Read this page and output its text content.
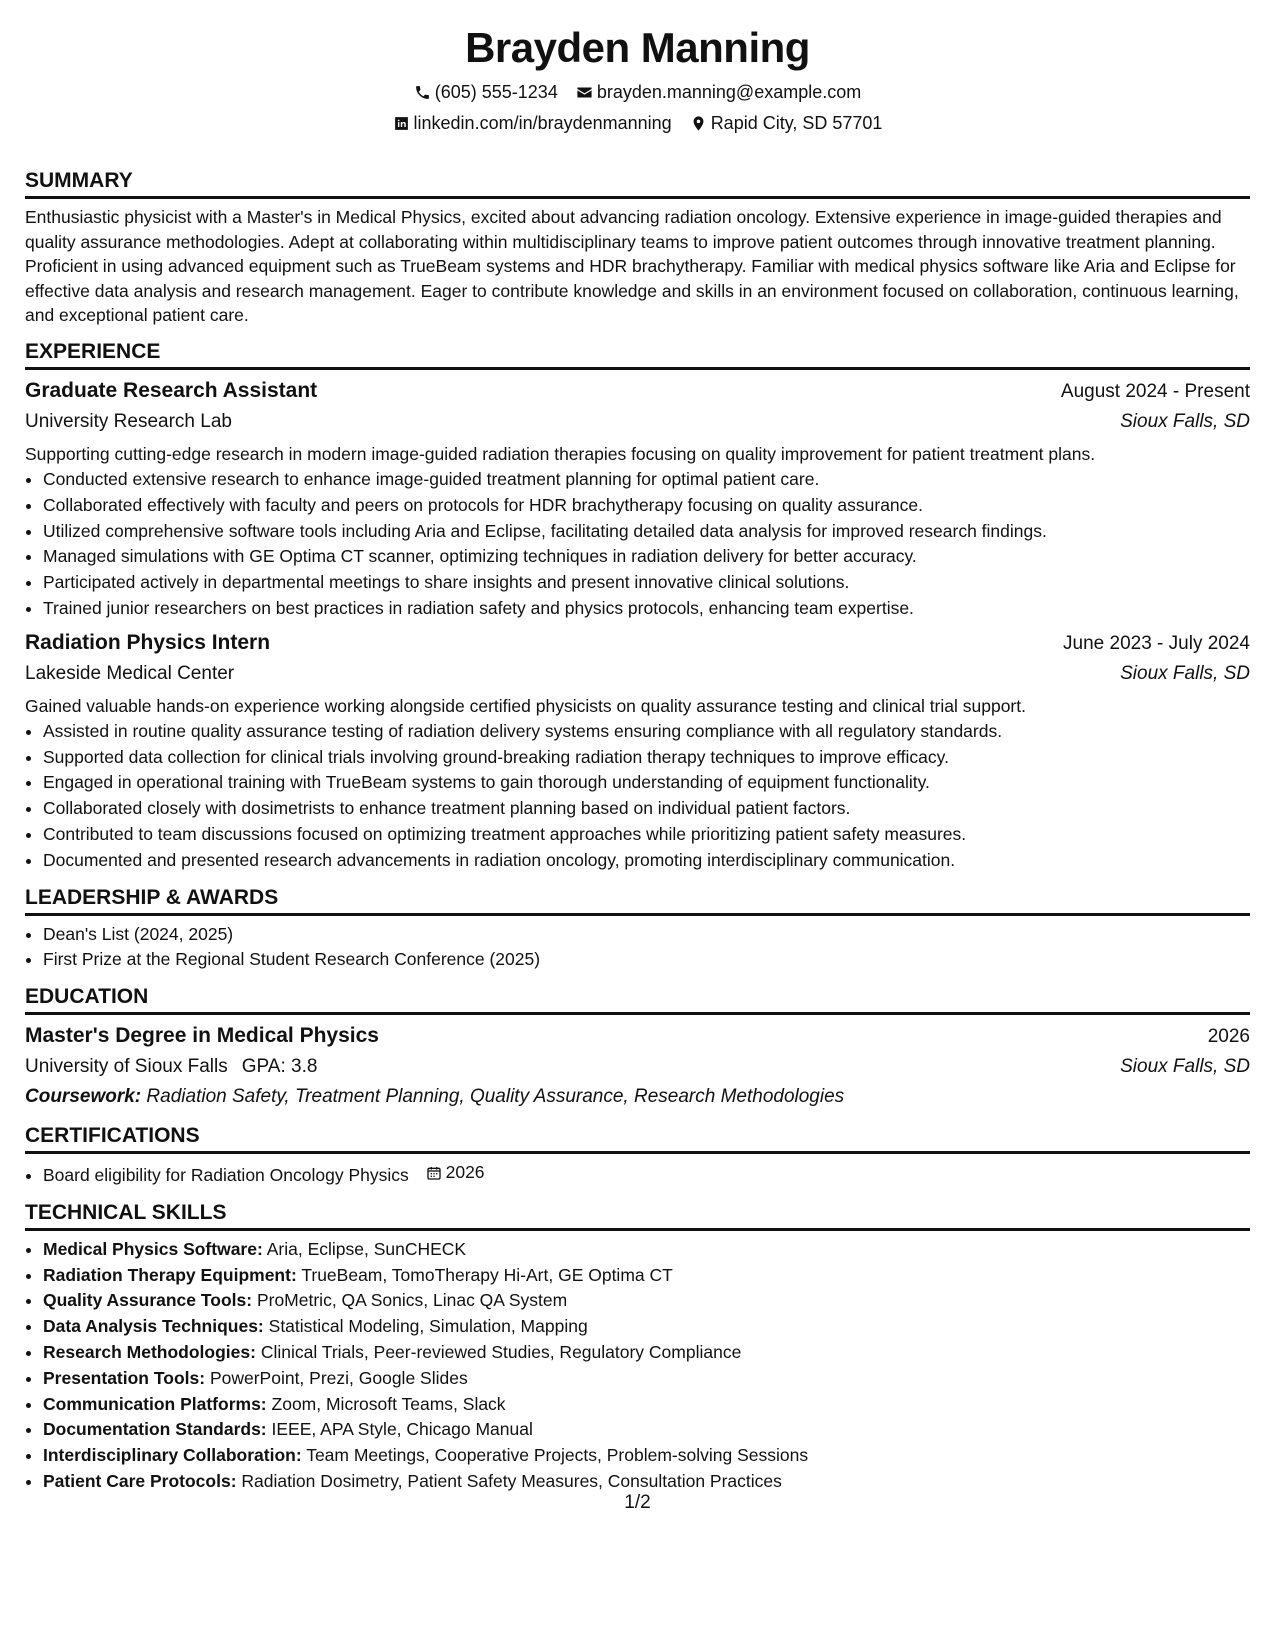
Brayden Manning
(605) 555-1234 brayden.manning@example.com
linkedin.com/in/braydenmanning Rapid City, SD 57701
SUMMARY

Enthusiastic physicist with a Master's in Medical Physics, excited about advancing radiation oncology. Extensive experience in image-guided therapies and quality assurance methodologies. Adept at collaborating within multidisciplinary teams to improve patient outcomes through innovative treatment planning. Proficient in using advanced equipment such as TrueBeam systems and HDR brachytherapy. Familiar with medical physics software like Aria and Eclipse for effective data analysis and research management. Eager to contribute knowledge and skills in an environment focused on collaboration, continuous learning, and exceptional patient care.

EXPERIENCE
Graduate Research Assistant	August 2024 - Present
University Research Lab	Sioux Falls, SD
Supporting cutting-edge research in modern image-guided radiation therapies focusing on quality improvement for patient treatment plans.
• Conducted extensive research to enhance image-guided treatment planning for optimal patient care.
• Collaborated effectively with faculty and peers on protocols for HDR brachytherapy focusing on quality assurance.
• Utilized comprehensive software tools including Aria and Eclipse, facilitating detailed data analysis for improved research findings.
• Managed simulations with GE Optima CT scanner, optimizing techniques in radiation delivery for better accuracy.
• Participated actively in departmental meetings to share insights and present innovative clinical solutions.
• Trained junior researchers on best practices in radiation safety and physics protocols, enhancing team expertise.
Radiation Physics Intern	June 2023 - July 2024
Lakeside Medical Center	Sioux Falls, SD
Gained valuable hands-on experience working alongside certified physicists on quality assurance testing and clinical trial support.
• Assisted in routine quality assurance testing of radiation delivery systems ensuring compliance with all regulatory standards.
• Supported data collection for clinical trials involving ground-breaking radiation therapy techniques to improve efficacy.
• Engaged in operational training with TrueBeam systems to gain thorough understanding of equipment functionality.
• Collaborated closely with dosimetrists to enhance treatment planning based on individual patient factors.
• Contributed to team discussions focused on optimizing treatment approaches while prioritizing patient safety measures.
• Documented and presented research advancements in radiation oncology, promoting interdisciplinary communication.
LEADERSHIP & AWARDS
• Dean's List (2024, 2025)
• First Prize at the Regional Student Research Conference (2025)
EDUCATION
Master's Degree in Medical Physics	2026
University of Sioux Falls GPA: 3.8	Sioux Falls, SD
Coursework: Radiation Safety, Treatment Planning, Quality Assurance, Research Methodologies
CERTIFICATIONS
• Board eligibility for Radiation Oncology Physics 2026
TECHNICAL SKILLS
• Medical Physics Software: Aria, Eclipse, SunCHECK
• Radiation Therapy Equipment: TrueBeam, TomoTherapy Hi-Art, GE Optima CT
• Quality Assurance Tools: ProMetric, QA Sonics, Linac QA System
• Data Analysis Techniques: Statistical Modeling, Simulation, Mapping
• Research Methodologies: Clinical Trials, Peer-reviewed Studies, Regulatory Compliance
• Presentation Tools: PowerPoint, Prezi, Google Slides
• Communication Platforms: Zoom, Microsoft Teams, Slack
• Documentation Standards: IEEE, APA Style, Chicago Manual
• Interdisciplinary Collaboration: Team Meetings, Cooperative Projects, Problem-solving Sessions
• Patient Care Protocols: Radiation Dosimetry, Patient Safety Measures, Consultation Practices
1/2
